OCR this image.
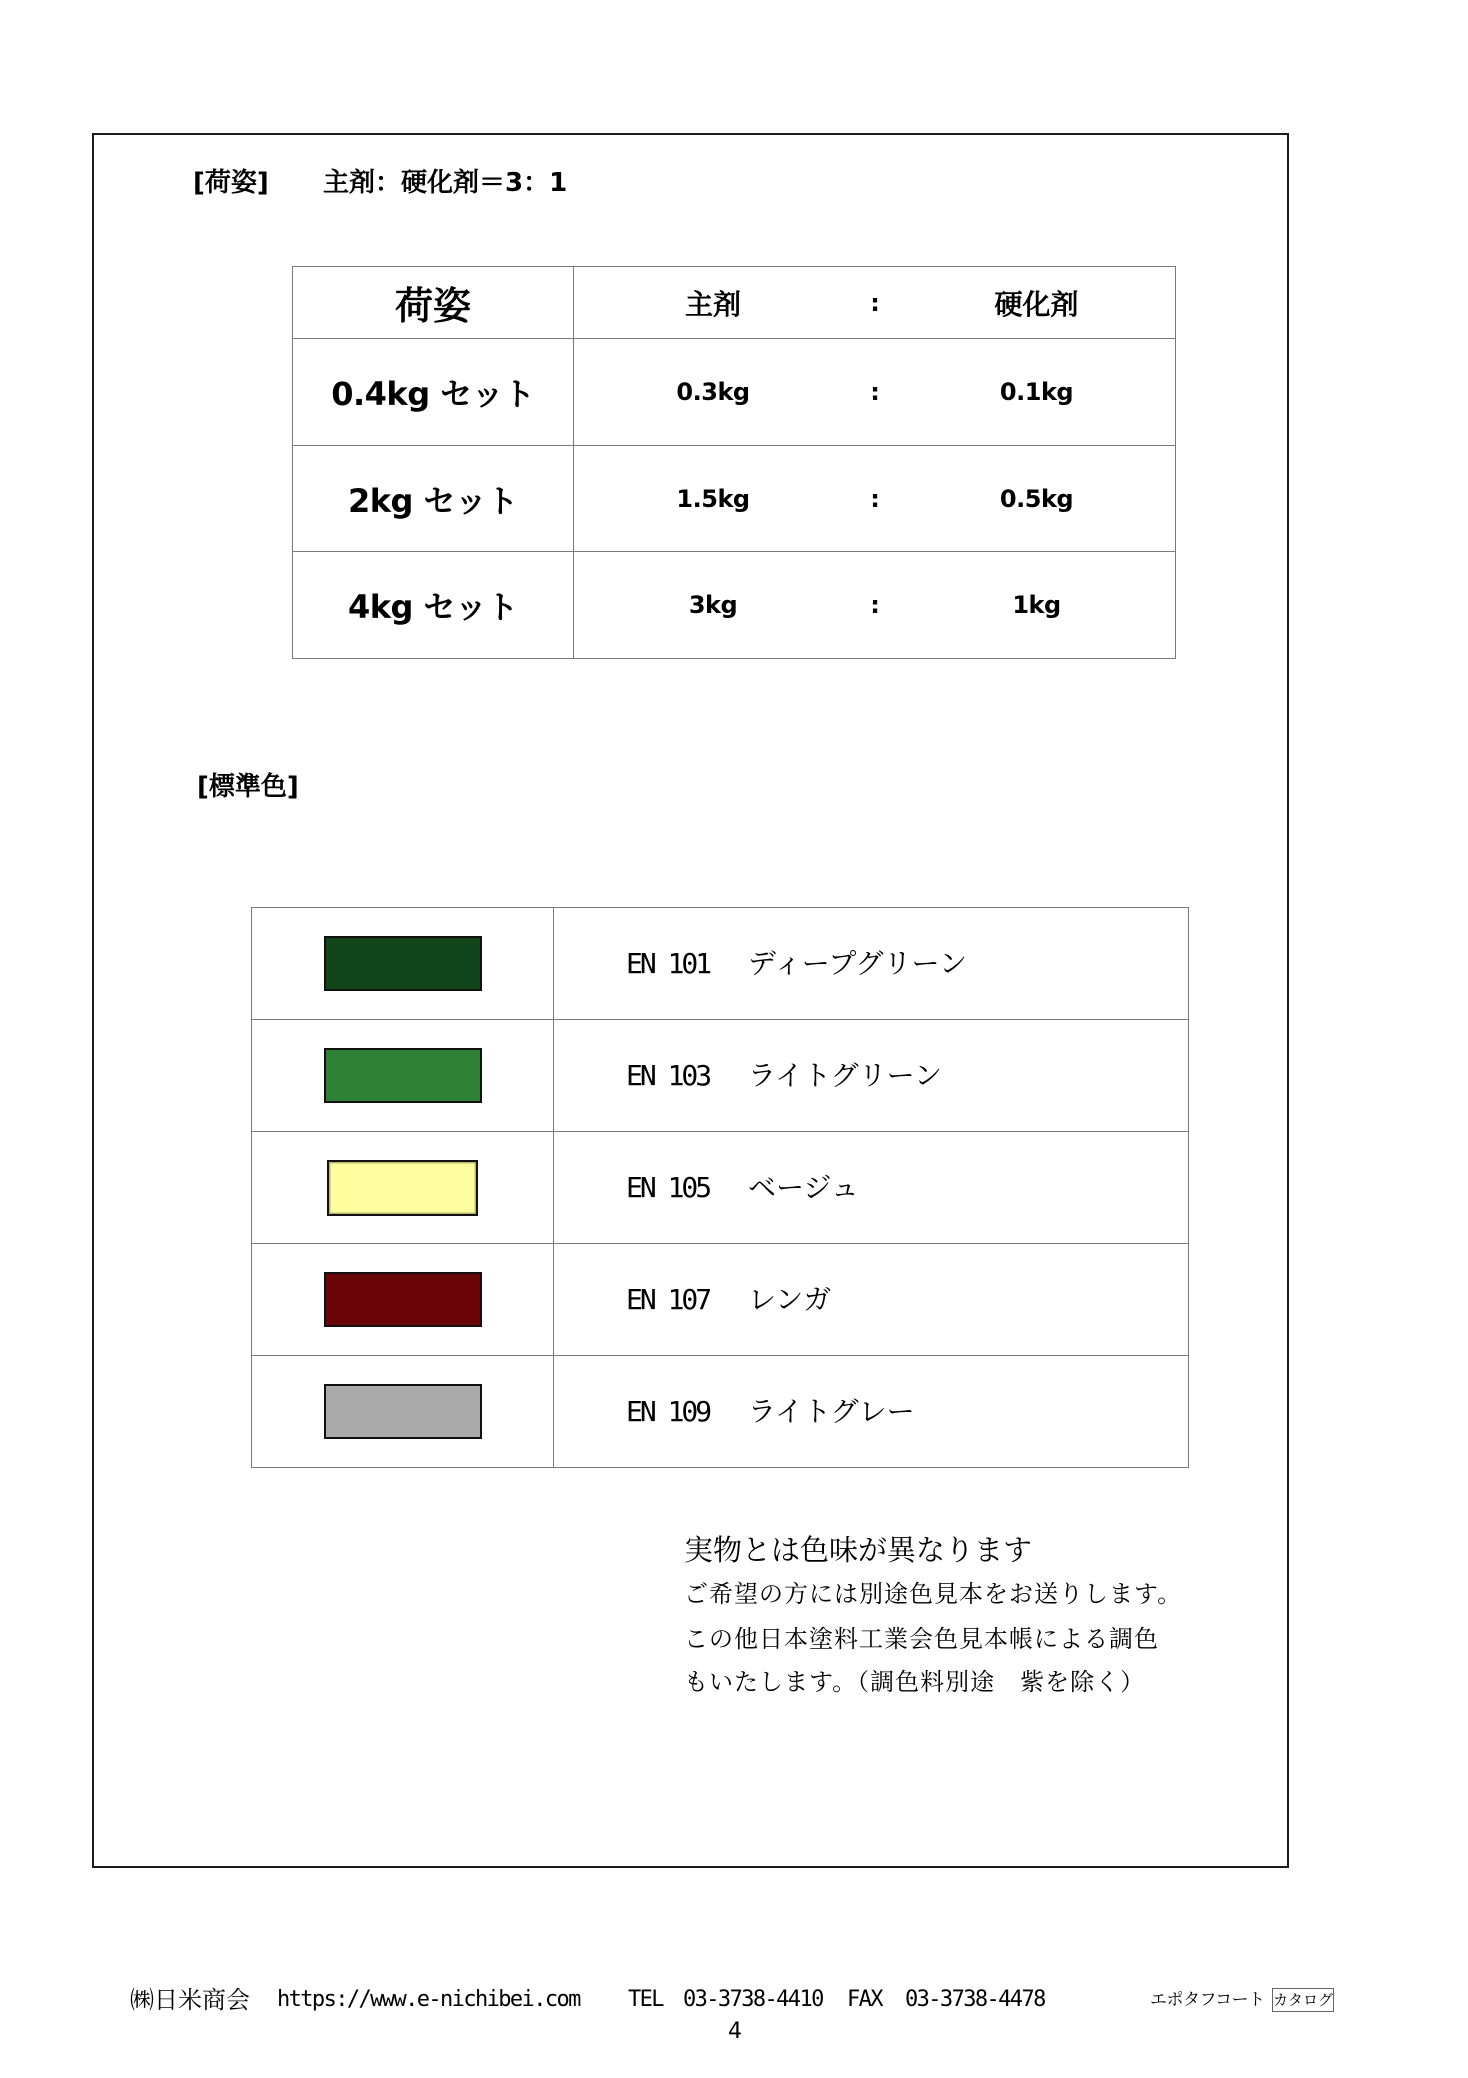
[荷姿] 主剤：硬化剤＝3：1
荷姿	主剤	:	硬化剤
0.4kg セット	0.3kg	:	0.1kg
2kg セット	1.5kg	:	0.5kg
4kg セット	3kg	:	1kg
[標準色]
EN 101 ディープグリーン
EN 103 ライトグリーン
EN 105 ベージュ
EN 107 レンガ
EN 109 ライトグレー
実物とは色味が異なります
ご希望の方には別途色見本をお送りします。
この他日本塗料工業会色見本帳による調色
もいたします。（調色料別途　紫を除く）
㈱日米商会 https://www.e-nichibei.com TEL 03-3738-4410 FAX 03-3738-4478	エポタフコート カタログ
4
